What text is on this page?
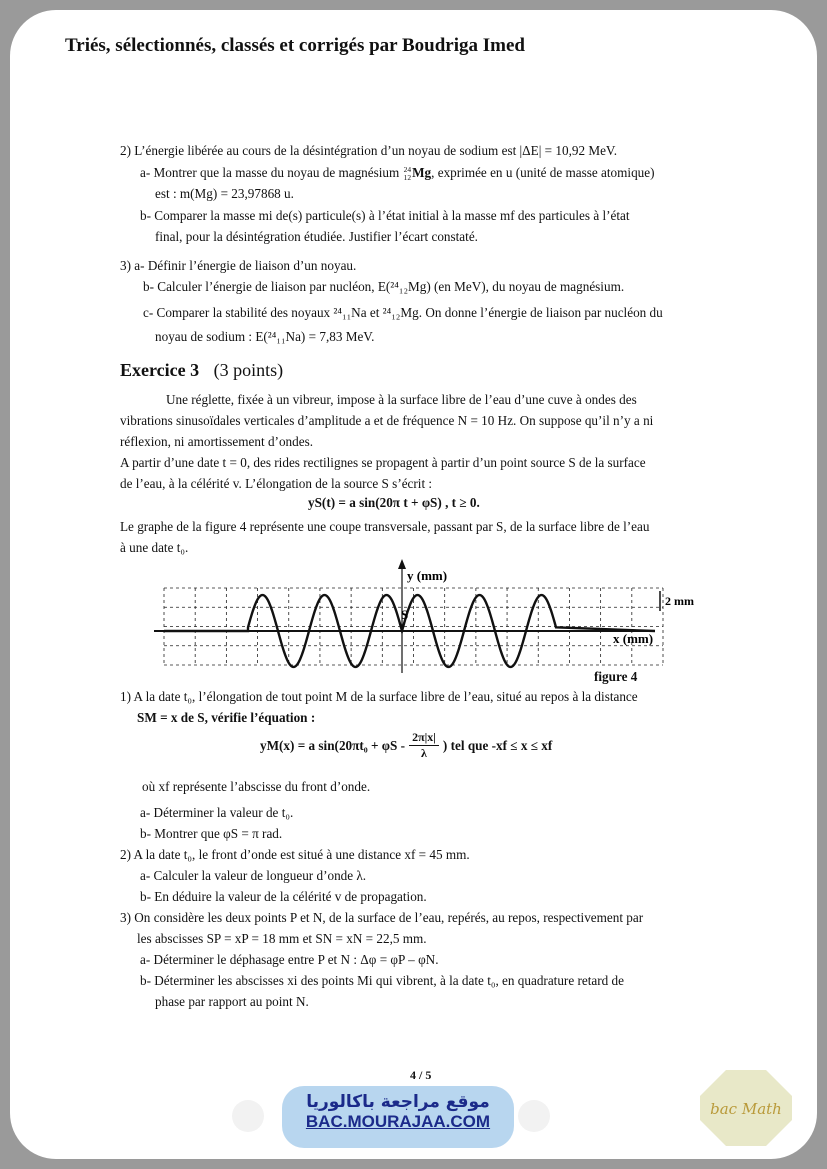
Triés, sélectionnés, classés et corrigés par Boudriga Imed
2) L’énergie libérée au cours de la désintégration d’un noyau de sodium est |ΔE| = 10,92 MeV.
a- Montrer que la masse du noyau de magnésium 24
12 Mg, exprimée en u (unité de masse atomique)
est : m(Mg) = 23,97868 u.
b- Comparer la masse mi de(s) particule(s) à l’état initial à la masse mf des particules à l’état
final, pour la désintégration étudiée. Justifier l’écart constaté.
3) a- Définir l’énergie de liaison d’un noyau.
b- Calculer l’énergie de liaison par nucléon, E(²⁴₁₂Mg) (en MeV), du noyau de magnésium.
c- Comparer la stabilité des noyaux ²⁴₁₁Na et ²⁴₁₂Mg. On donne l’énergie de liaison par nucléon du
noyau de sodium : E(²⁴₁₁Na) = 7,83 MeV.
Exercice 3 (3 points)
Une réglette, fixée à un vibreur, impose à la surface libre de l’eau d’une cuve à ondes des
vibrations sinusoïdales verticales d’amplitude a et de fréquence N = 10 Hz. On suppose qu’il n’y a ni
réflexion, ni amortissement d’ondes.
A partir d’une date t = 0, des rides rectilignes se propagent à partir d’un point source S de la surface
de l’eau, à la célérité v. L’élongation de la source S s’écrit :
yS(t) = a sin(20π t + φS) , t ≥ 0.
Le graphe de la figure 4 représente une coupe transversale, passant par S, de la surface libre de l’eau
à une date t₀.
y (mm)
x (mm)
2 mm
S
figure 4
1) A la date t₀, l’élongation de tout point M de la surface libre de l’eau, situé au repos à la distance
SM = x de S, vérifie l’équation :
yM(x) = a $\sin(20\pi t_0 + \varphi S - \frac{2\pi|x|}{\lambda}$ ) tel que -xf ≤ x ≤ xf
où xf représente l’abscisse du front d’onde.
a- Déterminer la valeur de t₀.
b- Montrer que φS = π rad.
2) A la date t₀, le front d’onde est situé à une distance xf = 45 mm.
a- Calculer la valeur de longueur d’onde λ.
b- En déduire la valeur de la célérité v de propagation.
3) On considère les deux points P et N, de la surface de l’eau, repérés, au repos, respectivement par
les abscisses SP = xP = 18 mm et SN = xN = 22,5 mm.
a- Déterminer le déphasage entre P et N : Δφ = φP – φN.
b- Déterminer les abscisses xi des points Mi qui vibrent, à la date t₀, en quadrature retard de
phase par rapport au point N.
4 / 5
موقع مراجعة باكالوريا
BAC.MOURAJAA.COM
bac Math
